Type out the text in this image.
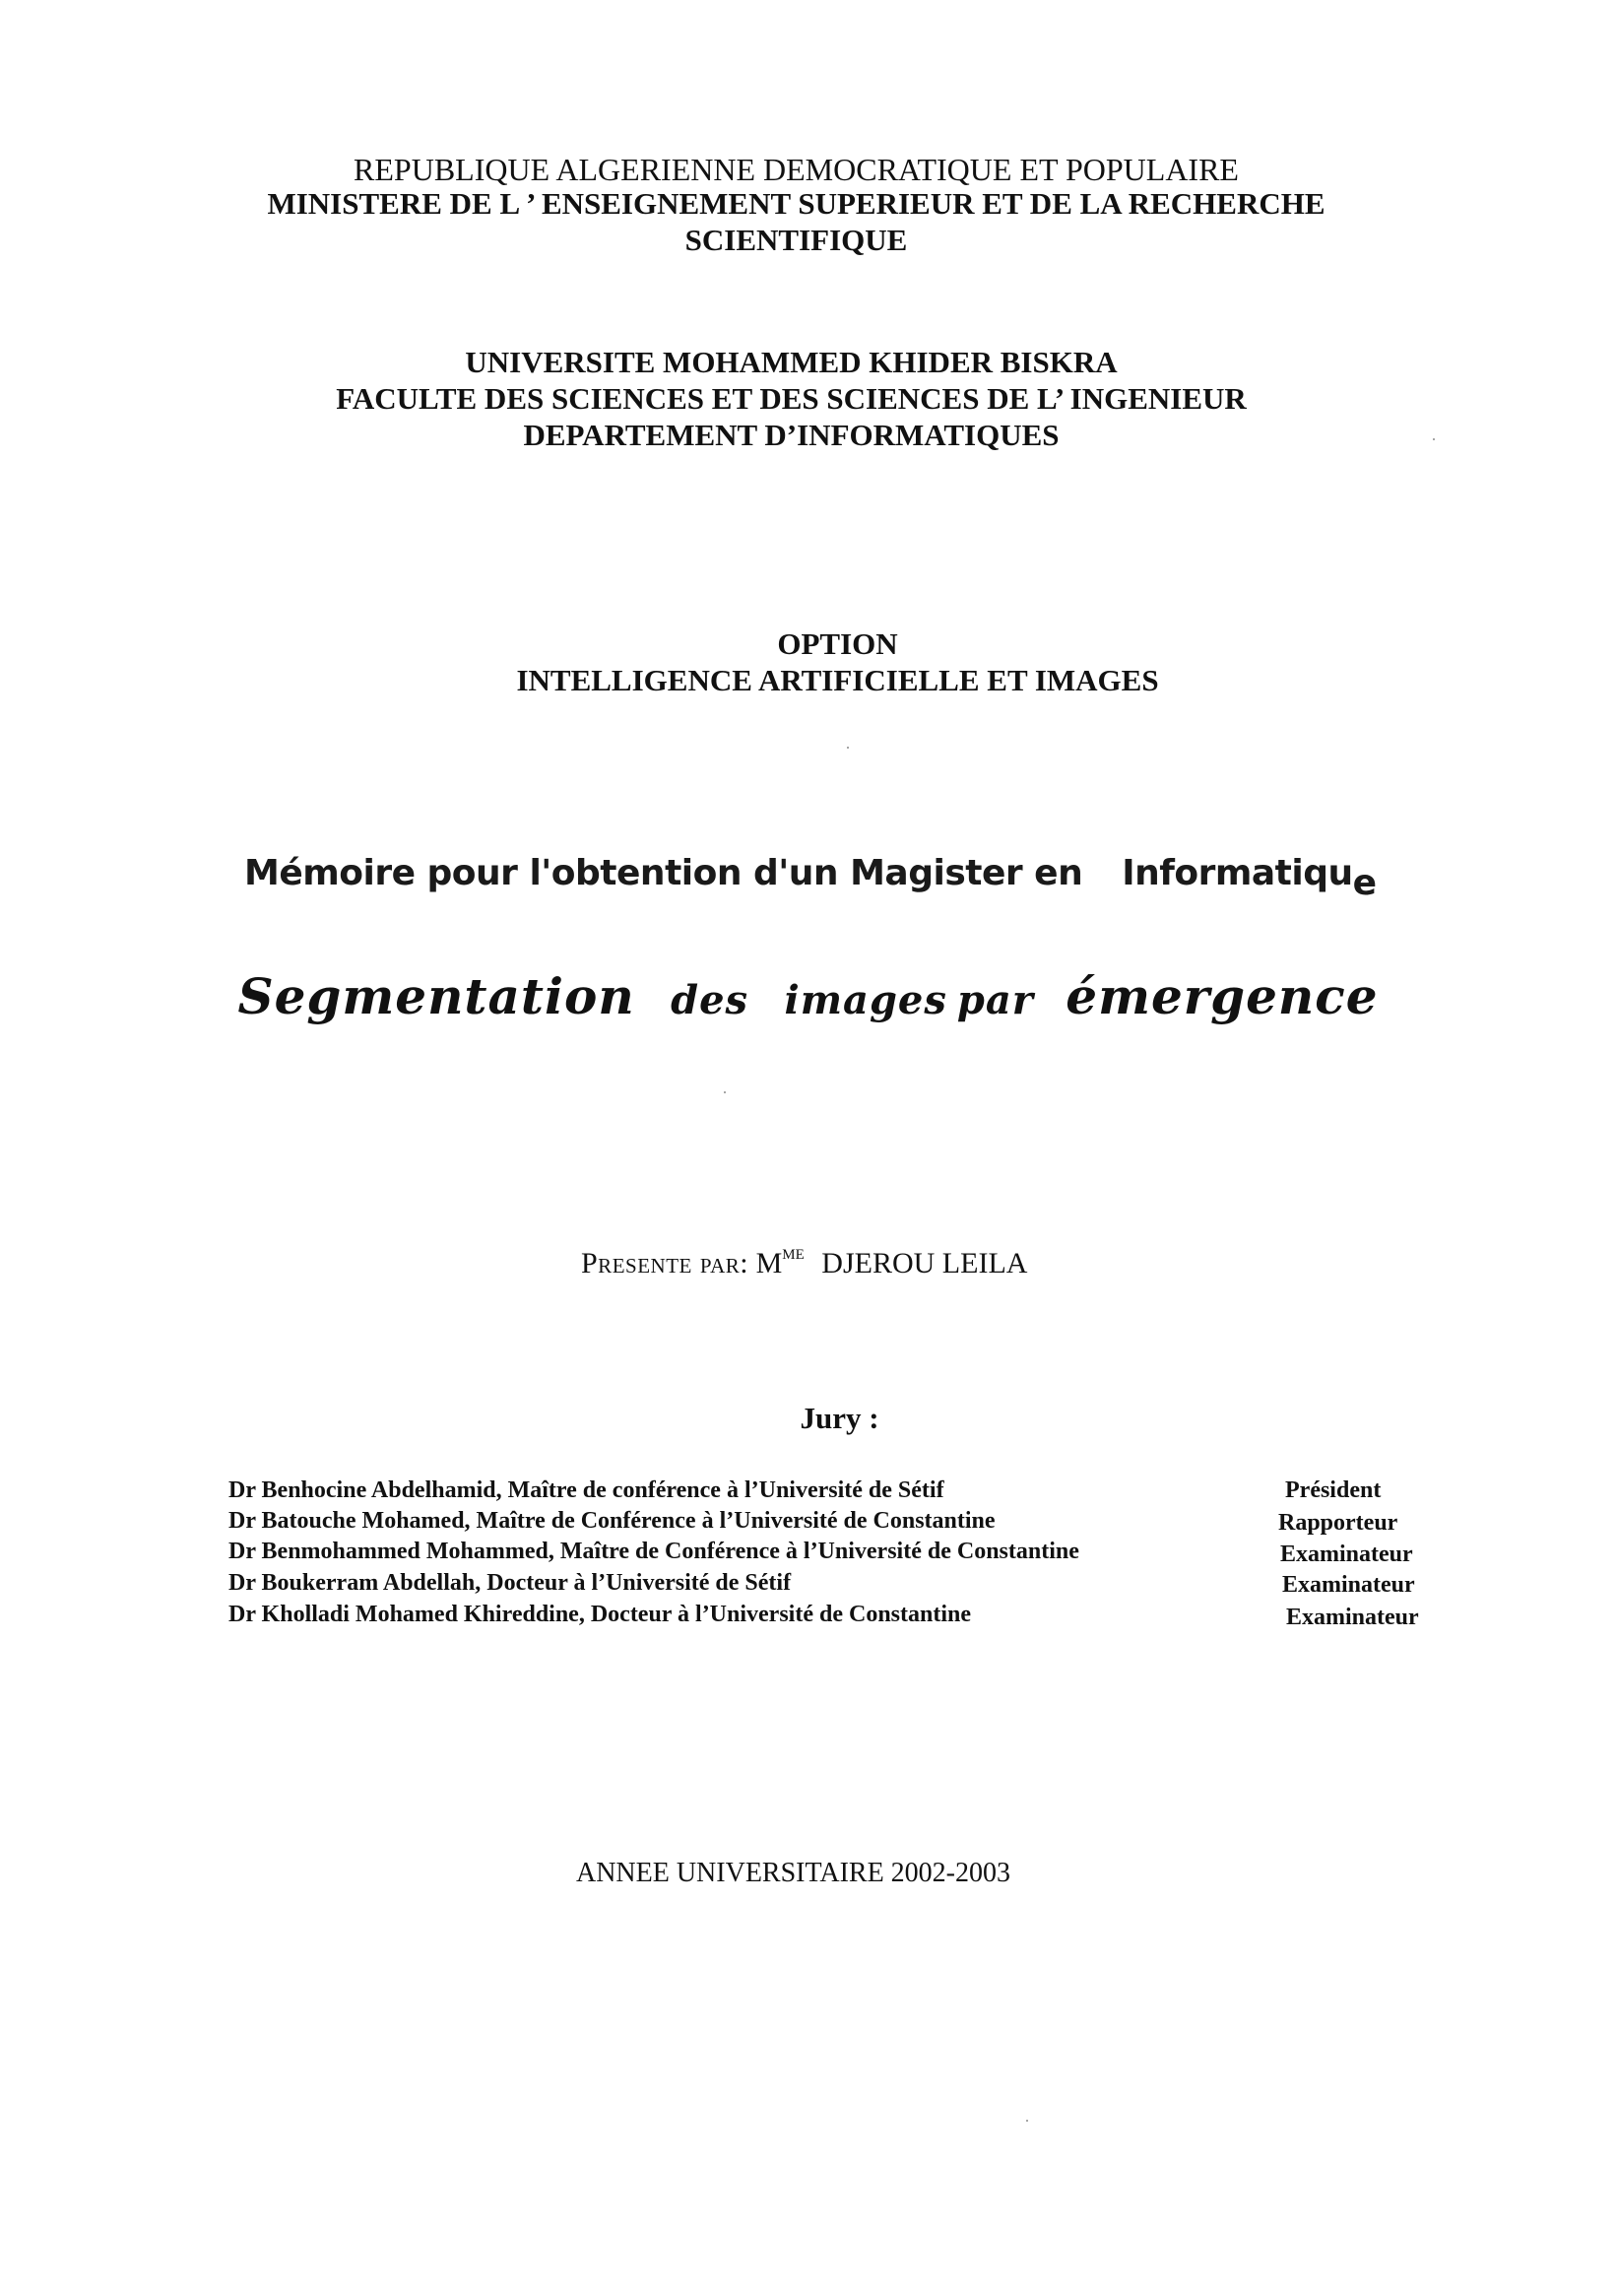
REPUBLIQUE ALGERIENNE DEMOCRATIQUE ET POPULAIRE
MINISTERE DE L ’ ENSEIGNEMENT SUPERIEUR ET DE LA RECHERCHE
SCIENTIFIQUE
UNIVERSITE MOHAMMED KHIDER BISKRA
FACULTE DES SCIENCES ET DES SCIENCES DE L’ INGENIEUR
DEPARTEMENT D’INFORMATIQUES
OPTION
INTELLIGENCE ARTIFICIELLE ET IMAGES
Mémoire pour l'obtention d'un Magister en Informatique
Segmentation des images par émergence
Presente par: $M^{ME}$ DJEROU LEILA
Jury :
Dr Benhocine Abdelhamid, Maître de conférence à l’Université de Sétif	Président
Dr Batouche Mohamed, Maître de Conférence à l’Université de Constantine	Rapporteur
Dr Benmohammed Mohammed, Maître de Conférence à l’Université de Constantine	Examinateur
Dr Boukerram Abdellah, Docteur à l’Université de Sétif	Examinateur
Dr Kholladi Mohamed Khireddine, Docteur à l’Université de Constantine	Examinateur
ANNEE UNIVERSITAIRE 2002-2003
